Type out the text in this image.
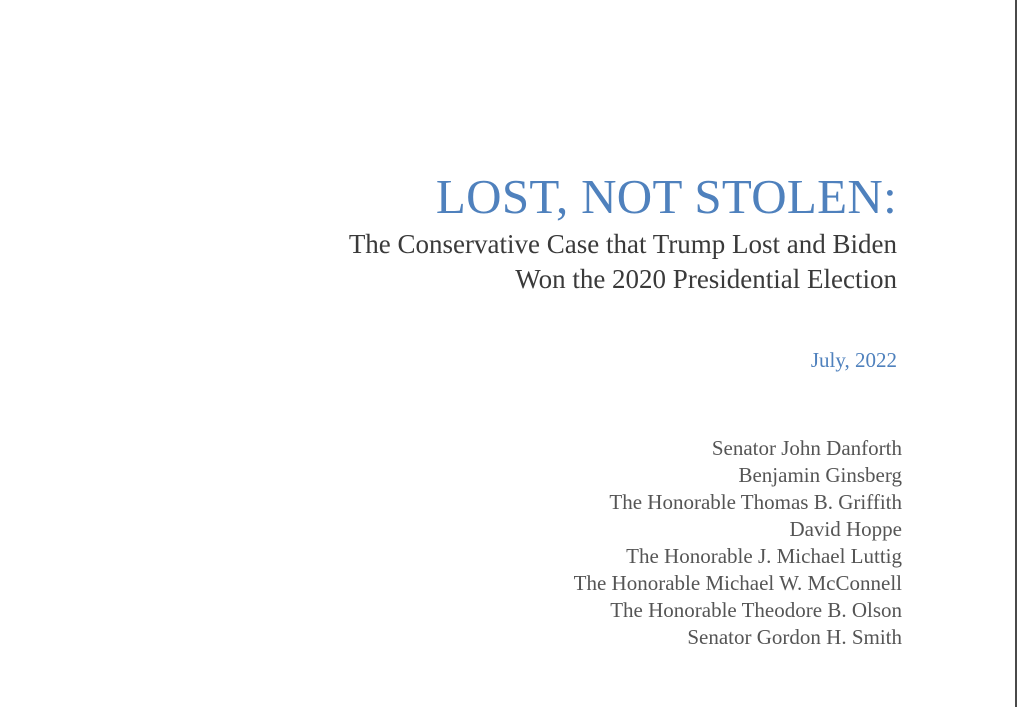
LOST, NOT STOLEN:
The Conservative Case that Trump Lost and Biden
Won the 2020 Presidential Election
July, 2022
Senator John Danforth
Benjamin Ginsberg
The Honorable Thomas B. Griffith
David Hoppe
The Honorable J. Michael Luttig
The Honorable Michael W. McConnell
The Honorable Theodore B. Olson
Senator Gordon H. Smith
